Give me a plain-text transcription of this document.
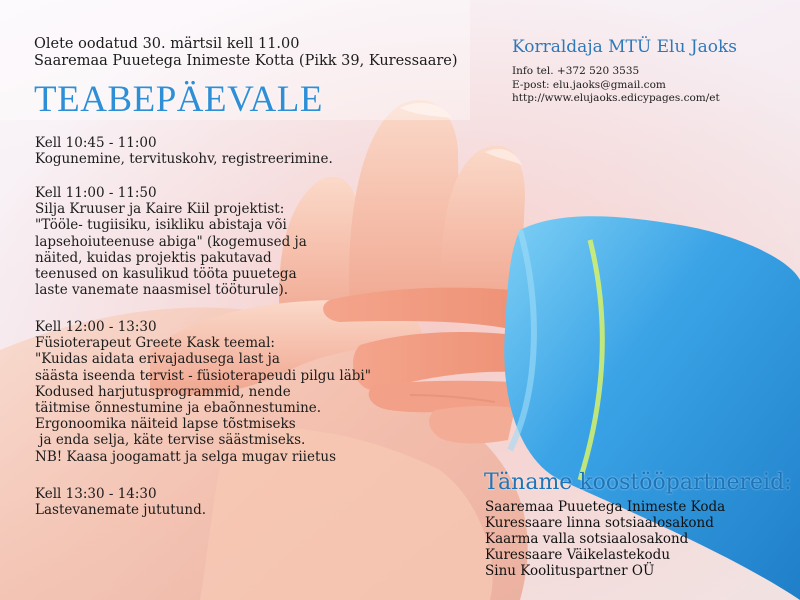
Olete oodatud 30. märtsil kell 11.00
Saaremaa Puuetega Inimeste Kotta (Pikk 39, Kuressaare)
TEABEPÄEVALE
Kell 10:45 - 11:00
Kogunemine, tervituskohv, registreerimine.
Kell 11:00 - 11:50
Silja Kruuser ja Kaire Kiil projektist:
"Tööle- tugiisiku, isikliku abistaja või
lapsehoiuteenuse abiga" (kogemused ja
näited, kuidas projektis pakutavad
teenused on kasulikud tööta puuetega
laste vanemate naasmisel tööturule).
Kell 12:00 - 13:30
Füsioterapeut Greete Kask teemal:
"Kuidas aidata erivajadusega last ja
säästa iseenda tervist - füsioterapeudi pilgu läbi"
Kodused harjutusprogrammid, nende
täitmise õnnestumine ja ebaõnnestumine.
Ergonoomika näiteid lapse tõstmiseks
ja enda selja, käte tervise säästmiseks.
NB! Kaasa joogamatt ja selga mugav riietus
Kell 13:30 - 14:30
Lastevanemate jututund.
Korraldaja MTÜ Elu Jaoks
Info tel. +372 520 3535
E-post: elu.jaoks@gmail.com
http://www.elujaoks.edicypages.com/et
Täname koostööpartnereid:
Saaremaa Puuetega Inimeste Koda
Kuressaare linna sotsiaalosakond
Kaarma valla sotsiaalosakond
Kuressaare Väikelastekodu
Sinu Koolituspartner OÜ
